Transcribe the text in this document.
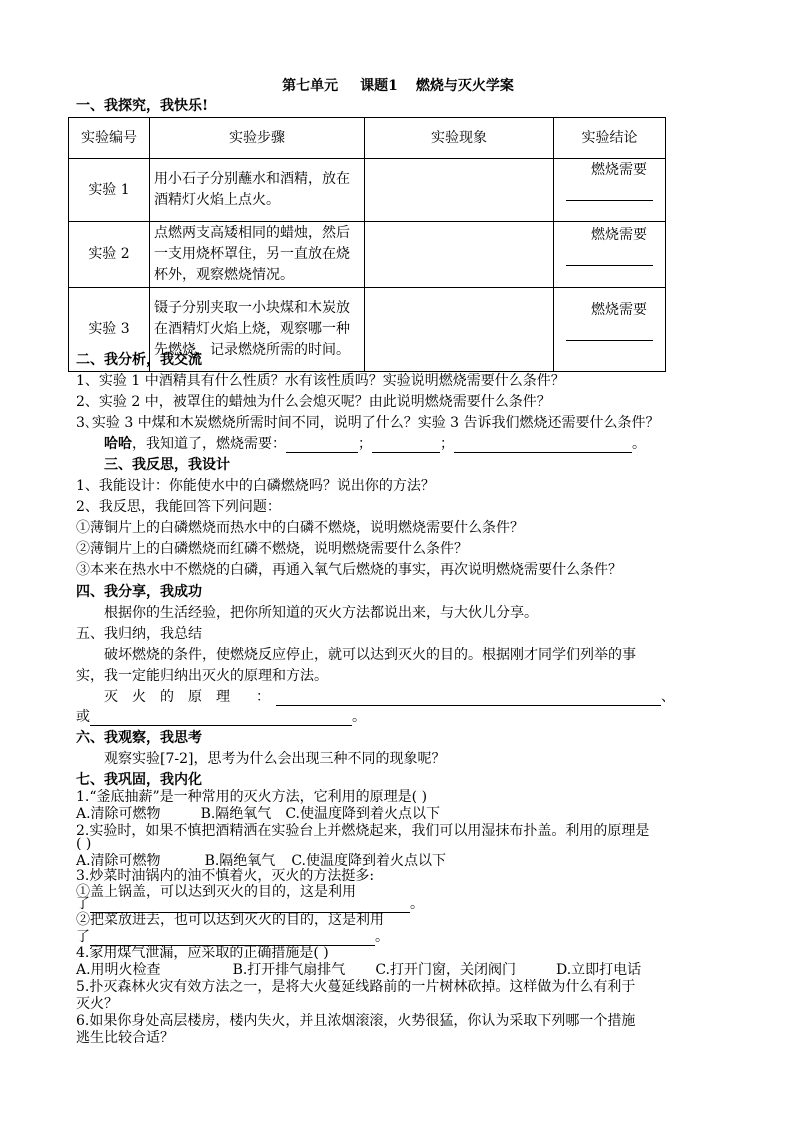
第七单元 课题1 燃烧与灭火学案
一、我探究，我快乐!
实验编号	实验步骤	实验现象	实验结论
实验 1	用小石子分别蘸水和酒精，放在酒精灯火焰上点火。		燃烧需要

实验 2	点燃两支高矮相同的蜡烛，然后一支用烧杯罩住，另一直放在烧杯外，观察燃烧情况。		燃烧需要

实验 3	镊子分别夹取一小块煤和木炭放在酒精灯火焰上烧，观察哪一种先燃烧，记录燃烧所需的时间。		燃烧需要
二、我分析，我交流
1、实验 1 中酒精具有什么性质？水有该性质吗？实验说明燃烧需要什么条件？
2、实验 2 中，被罩住的蜡烛为什么会熄灭呢？由此说明燃烧需要什么条件？
3､实验 3 中煤和木炭燃烧所需时间不同，说明了什么？实验 3 告诉我们燃烧还需要什么条件？
哈哈，我知道了，燃烧需要：	；	；	。
三、我反思，我设计
1、我能设计：你能使水中的白磷燃烧吗？说出你的方法？
2、我反思，我能回答下列问题：
①薄铜片上的白磷燃烧而热水中的白磷不燃烧，说明燃烧需要什么条件？
②薄铜片上的白磷燃烧而红磷不燃烧，说明燃烧需要什么条件？
③本来在热水中不燃烧的白磷，再通入氧气后燃烧的事实，再次说明燃烧需要什么条件？
四、我分享，我成功
根据你的生活经验，把你所知道的灭火方法都说出来，与大伙儿分享。
五、我归纳，我总结
破坏燃烧的条件，使燃烧反应停止，就可以达到灭火的目的。根据刚才同学们列举的事
实，我一定能归纳出灭火的原理和方法。
灭火的原理 ：	、
或	。
六、我观察，我思考
观察实验[7-2]，思考为什么会出现三种不同的现象呢？
七、我巩固，我内化
1.“釜底抽薪”是一种常用的灭火方法，它利用的原理是( )
A.清除可燃物	B.隔绝氧气 C.使温度降到着火点以下
2.实验时，如果不慎把酒精洒在实验台上并燃烧起来，我们可以用湿抹布扑盖。利用的原理是
( )
A.清除可燃物	B.隔绝氧气 C.使温度降到着火点以下
3.炒菜时油锅内的油不慎着火，灭火的方法挺多:
①盖上锅盖，可以达到灭火的目的，这是利用
了	。
②把菜放进去，也可以达到灭火的目的，这是利用
了	。
4.家用煤气泄漏，应采取的正确措施是( )
A.用明火检查	B.打开排气扇排气 C.打开门窗，关闭阀门	D.立即打电话
5.扑灭森林火灾有效方法之一，是将大火蔓延线路前的一片树林砍掉。这样做为什么有利于
灭火？
6.如果你身处高层楼房，楼内失火，并且浓烟滚滚，火势很猛，你认为采取下列哪一个措施
逃生比较合适？
